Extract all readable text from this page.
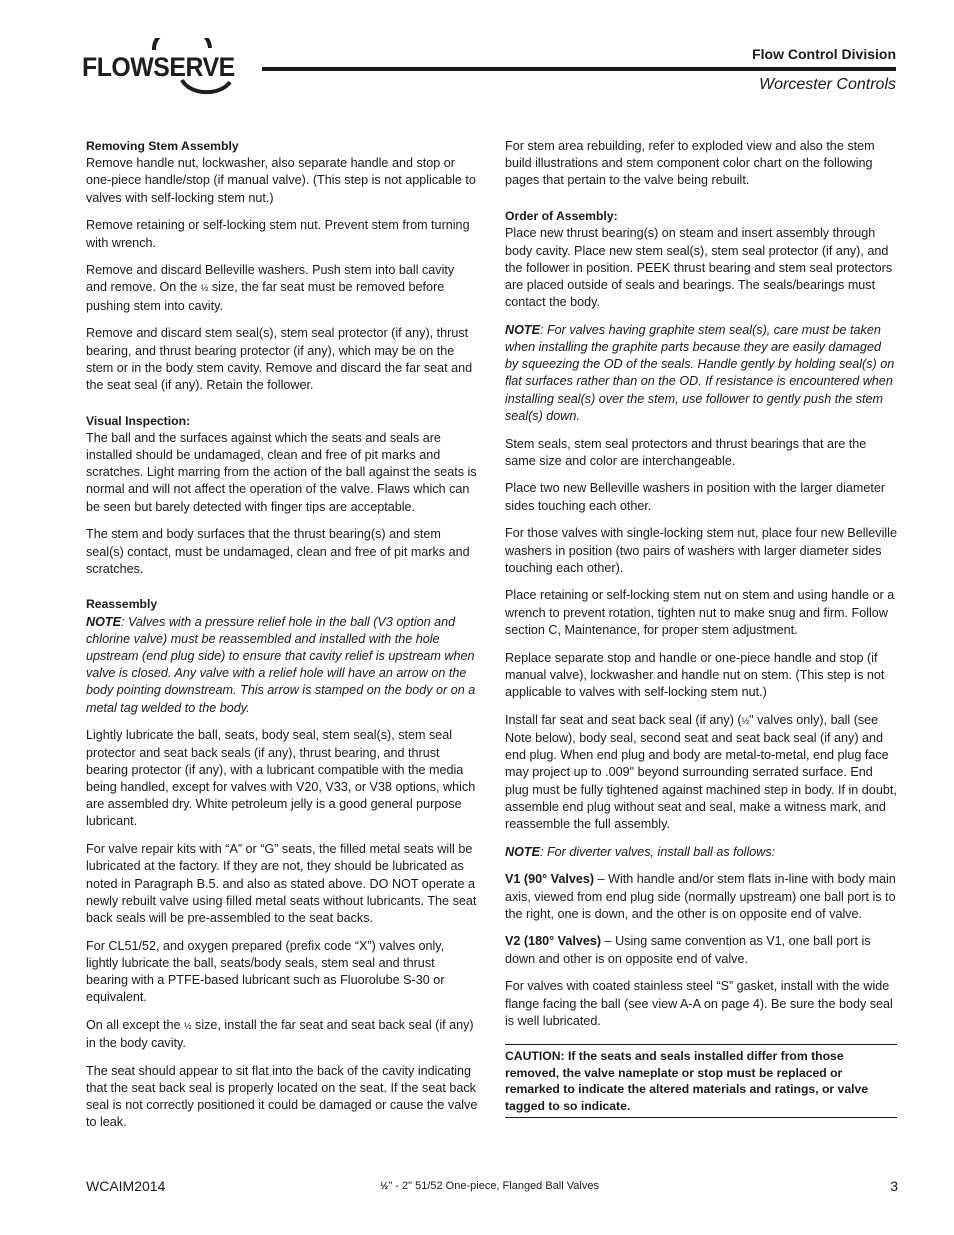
FLOWSERVE	Flow Control Division
Worcester Controls
Removing Stem Assembly

Remove handle nut, lockwasher, also separate handle and stop or one-piece handle/stop (if manual valve). (This step is not applicable to valves with self-locking stem nut.)

Remove retaining or self-locking stem nut. Prevent stem from turning with wrench.

Remove and discard Belleville washers. Push stem into ball cavity and remove. On the ½ size, the far seat must be removed before pushing stem into cavity.

Remove and discard stem seal(s), stem seal protector (if any), thrust bearing, and thrust bearing protector (if any), which may be on the stem or in the body stem cavity. Remove and discard the far seat and the seat seal (if any). Retain the follower.

Visual Inspection:

The ball and the surfaces against which the seats and seals are installed should be undamaged, clean and free of pit marks and scratches. Light marring from the action of the ball against the seats is normal and will not affect the operation of the valve. Flaws which can be seen but barely detected with finger tips are acceptable.

The stem and body surfaces that the thrust bearing(s) and stem seal(s) contact, must be undamaged, clean and free of pit marks and scratches.

Reassembly

NOTE: Valves with a pressure relief hole in the ball (V3 option and chlorine valve) must be reassembled and installed with the hole upstream (end plug side) to ensure that cavity relief is upstream when valve is closed. Any valve with a relief hole will have an arrow on the body pointing downstream. This arrow is stamped on the body or on a metal tag welded to the body.

Lightly lubricate the ball, seats, body seal, stem seal(s), stem seal protector and seat back seals (if any), thrust bearing, and thrust bearing protector (if any), with a lubricant compatible with the media being handled, except for valves with V20, V33, or V38 options, which are assembled dry. White petroleum jelly is a good general purpose lubricant.

For valve repair kits with “A” or “G” seats, the filled metal seats will be lubricated at the factory. If they are not, they should be lubricated as noted in Paragraph B.5. and also as stated above. DO NOT operate a newly rebuilt valve using filled metal seats without lubricants. The seat back seals will be pre-assembled to the seat backs.

For CL51/52, and oxygen prepared (prefix code “X”) valves only, lightly lubricate the ball, seats/body seals, stem seal and thrust bearing with a PTFE-based lubricant such as Fluorolube S-30 or equivalent.

On all except the ½ size, install the far seat and seat back seal (if any) in the body cavity.

The seat should appear to sit flat into the back of the cavity indicating that the seat back seal is properly located on the seat. If the seat back seal is not correctly positioned it could be damaged or cause the valve to leak.

For stem area rebuilding, refer to exploded view and also the stem build illustrations and stem component color chart on the following pages that pertain to the valve being rebuilt.

Order of Assembly:

Place new thrust bearing(s) on steam and insert assembly through body cavity. Place new stem seal(s), stem seal protector (if any), and the follower in position. PEEK thrust bearing and stem seal protectors are placed outside of seals and bearings. The seals/bearings must contact the body.

NOTE: For valves having graphite stem seal(s), care must be taken when installing the graphite parts because they are easily damaged by squeezing the OD of the seals. Handle gently by holding seal(s) on flat surfaces rather than on the OD. If resistance is encountered when installing seal(s) over the stem, use follower to gently push the stem seal(s) down.

Stem seals, stem seal protectors and thrust bearings that are the same size and color are interchangeable.

Place two new Belleville washers in position with the larger diameter sides touching each other.

For those valves with single-locking stem nut, place four new Belleville washers in position (two pairs of washers with larger diameter sides touching each other).

Place retaining or self-locking stem nut on stem and using handle or a wrench to prevent rotation, tighten nut to make snug and firm. Follow section C, Maintenance, for proper stem adjustment.

Replace separate stop and handle or one-piece handle and stop (if manual valve), lockwasher and handle nut on stem. (This step is not applicable to valves with self-locking stem nut.)

Install far seat and seat back seal (if any) (½" valves only), ball (see Note below), body seal, second seat and seat back seal (if any) and end plug. When end plug and body are metal-to-metal, end plug face may project up to .009" beyond surrounding serrated surface. End plug must be fully tightened against machined step in body. If in doubt, assemble end plug without seat and seal, make a witness mark, and reassemble the full assembly.

NOTE: For diverter valves, install ball as follows:

V1 (90° Valves) – With handle and/or stem flats in-line with body main axis, viewed from end plug side (normally upstream) one ball port is to the right, one is down, and the other is on opposite end of valve.

V2 (180° Valves) – Using same convention as V1, one ball port is down and other is on opposite end of valve.

For valves with coated stainless steel “S” gasket, install with the wide flange facing the ball (see view A-A on page 4). Be sure the body seal is well lubricated.

CAUTION: If the seats and seals installed differ from those removed, the valve nameplate or stop must be replaced or remarked to indicate the altered materials and ratings, or valve tagged to so indicate.
WCAIM2014	½" - 2" 51/52 One-piece, Flanged Ball Valves	3
